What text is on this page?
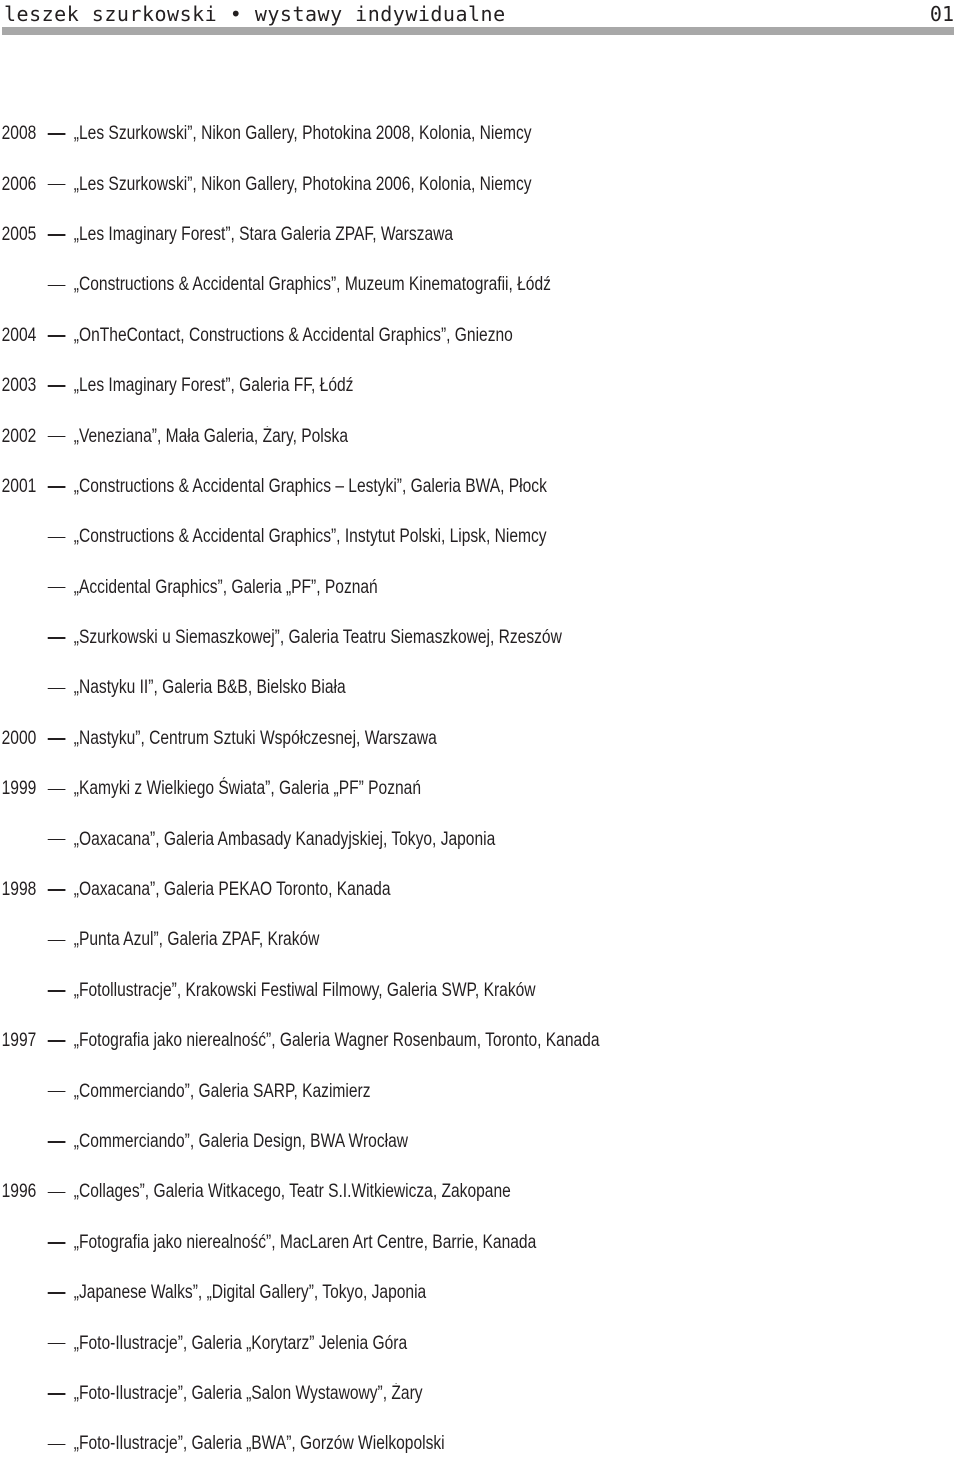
leszek szurkowski • wystawy indywidualne	01
2008 „Les Szurkowski”, Nikon Gallery, Photokina 2008, Kolonia, Niemcy
2006 „Les Szurkowski”, Nikon Gallery, Photokina 2006, Kolonia, Niemcy
2005 „Les Imaginary Forest”, Stara Galeria ZPAF, Warszawa
„Constructions & Accidental Graphics”, Muzeum Kinematografii, Łódź
2004 „OnTheContact, Constructions & Accidental Graphics”, Gniezno
2003 „Les Imaginary Forest”, Galeria FF, Łódź
2002 „Veneziana”, Mała Galeria, Żary, Polska
2001 „Constructions & Accidental Graphics – Lestyki”, Galeria BWA, Płock
„Constructions & Accidental Graphics”, Instytut Polski, Lipsk, Niemcy
„Accidental Graphics”, Galeria „PF”, Poznań
„Szurkowski u Siemaszkowej”, Galeria Teatru Siemaszkowej, Rzeszów
„Nastyku II”, Galeria B&B, Bielsko Biała
2000 „Nastyku”, Centrum Sztuki Współczesnej, Warszawa
1999 „Kamyki z Wielkiego Świata”, Galeria „PF” Poznań
„Oaxacana”, Galeria Ambasady Kanadyjskiej, Tokyo, Japonia
1998 „Oaxacana”, Galeria PEKAO Toronto, Kanada
„Punta Azul”, Galeria ZPAF, Kraków
„Fotollustracje”, Krakowski Festiwal Filmowy, Galeria SWP, Kraków
1997 „Fotografia jako nierealność”, Galeria Wagner Rosenbaum, Toronto, Kanada
„Commerciando”, Galeria SARP, Kazimierz
„Commerciando”, Galeria Design, BWA Wrocław
1996 „Collages”, Galeria Witkacego, Teatr S.I.Witkiewicza, Zakopane
„Fotografia jako nierealność”, MacLaren Art Centre, Barrie, Kanada
„Japanese Walks”, „Digital Gallery”, Tokyo, Japonia
„Foto-Ilustracje”, Galeria „Korytarz” Jelenia Góra
„Foto-Ilustracje”, Galeria „Salon Wystawowy”, Żary
„Foto-Ilustracje”, Galeria „BWA”, Gorzów Wielkopolski
